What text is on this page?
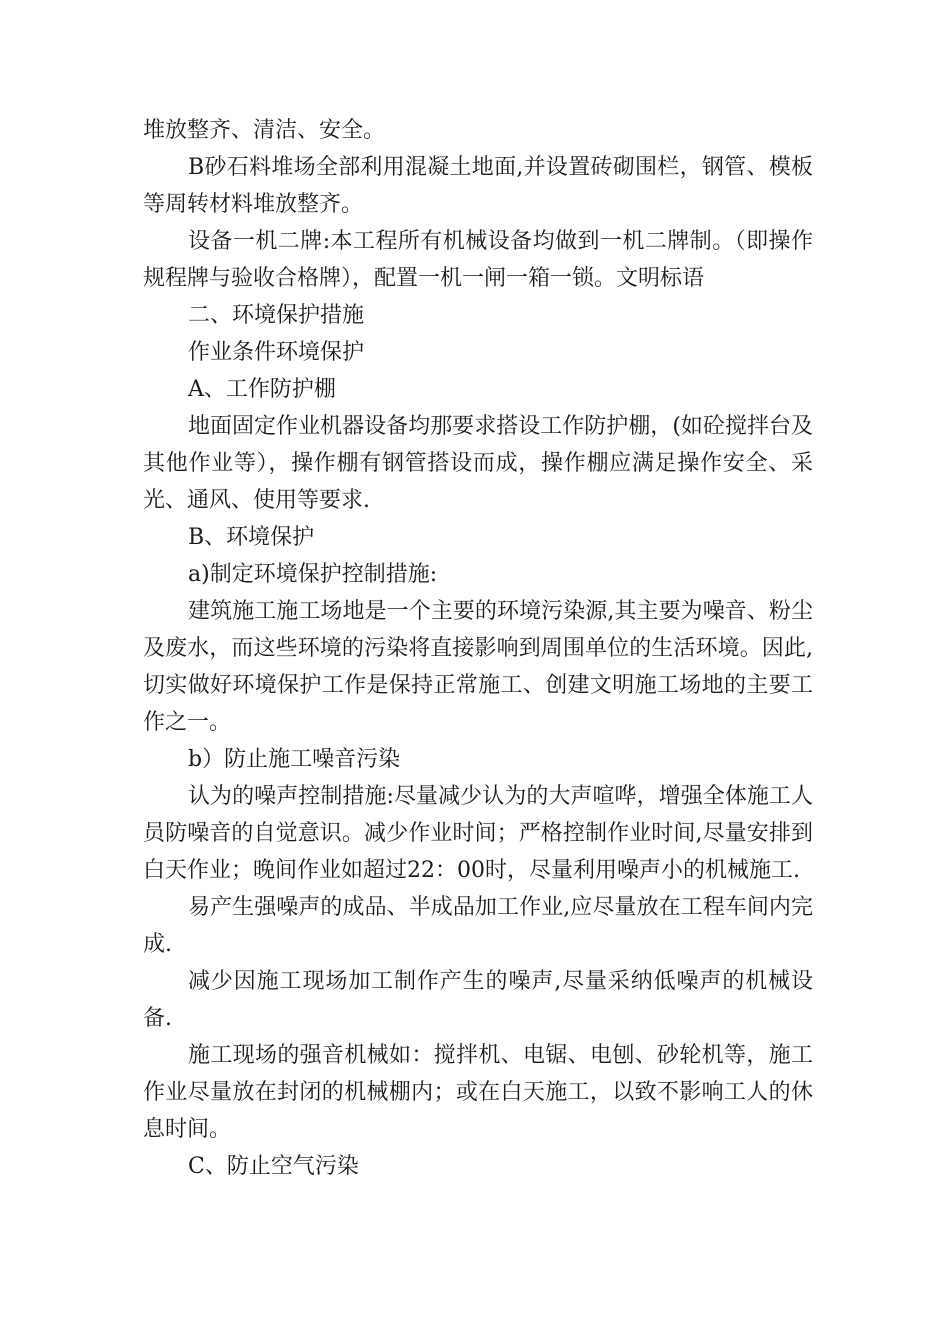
堆放整齐、清洁、安全。

B砂石料堆场全部利用混凝土地面,并设置砖砌围栏，钢管、模板等周转材料堆放整齐。

设备一机二牌:本工程所有机械设备均做到一机二牌制。（即操作规程牌与验收合格牌），配置一机一闸一箱一锁。文明标语

二、环境保护措施

作业条件环境保护

A、工作防护棚

地面固定作业机器设备均那要求搭设工作防护棚，(如砼搅拌台及其他作业等），操作棚有钢管搭设而成，操作棚应满足操作安全、采光、通风、使用等要求.

B、环境保护

a)制定环境保护控制措施:

建筑施工施工场地是一个主要的环境污染源,其主要为噪音、粉尘及废水，而这些环境的污染将直接影响到周围单位的生活环境。因此,切实做好环境保护工作是保持正常施工、创建文明施工场地的主要工作之一。

b）防止施工噪音污染

认为的噪声控制措施:尽量减少认为的大声喧哗，增强全体施工人员防噪音的自觉意识。减少作业时间；严格控制作业时间,尽量安排到白天作业；晚间作业如超过22：00时，尽量利用噪声小的机械施工.

易产生强噪声的成品、半成品加工作业,应尽量放在工程车间内完成.

减少因施工现场加工制作产生的噪声,尽量采纳低噪声的机械设备.

施工现场的强音机械如：搅拌机、电锯、电刨、砂轮机等，施工作业尽量放在封闭的机械棚内；或在白天施工，以致不影响工人的休息时间。

C、防止空气污染
